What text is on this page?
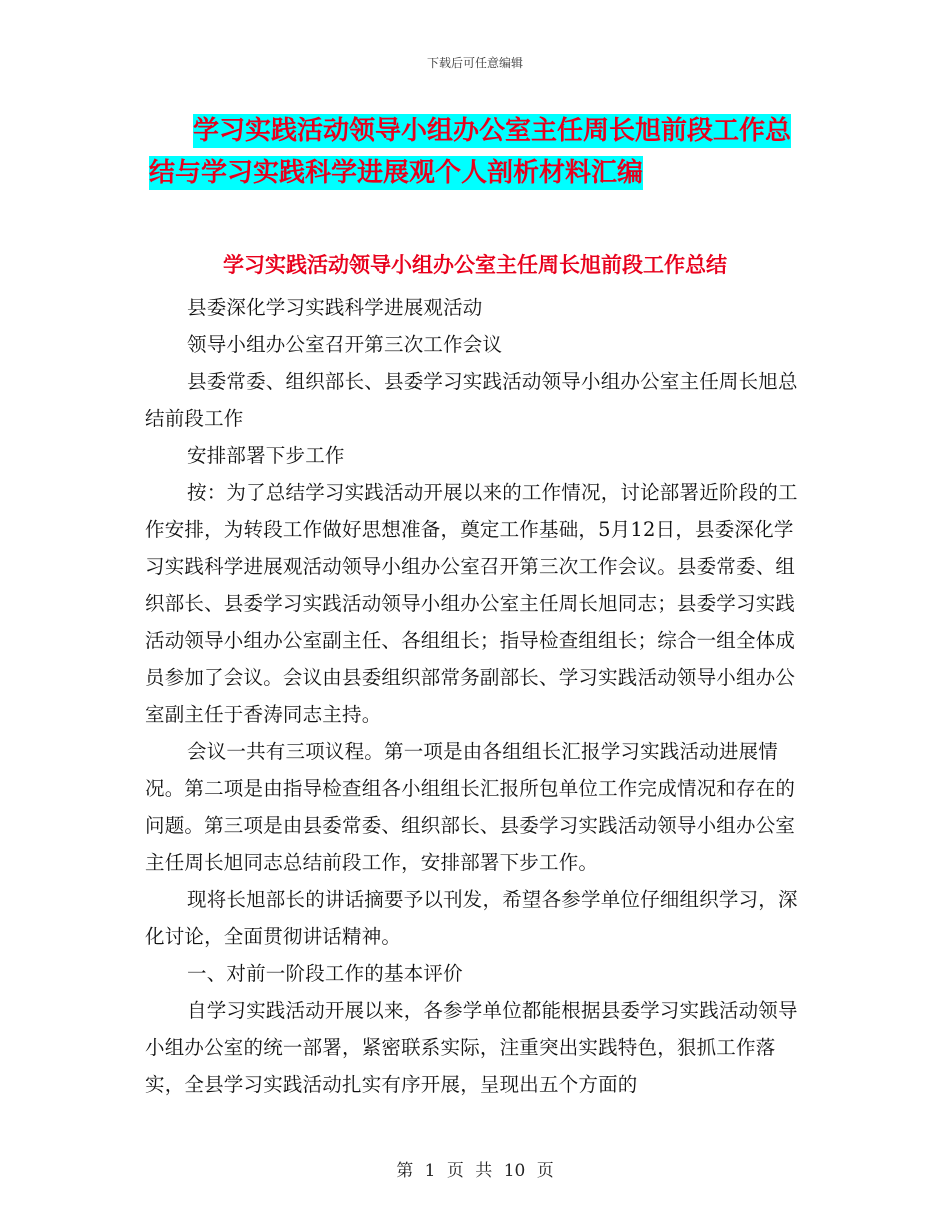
下载后可任意编辑
学习实践活动领导小组办公室主任周长旭前段工作总
结与学习实践科学进展观个人剖析材料汇编
学习实践活动领导小组办公室主任周长旭前段工作总结

县委深化学习实践科学进展观活动

领导小组办公室召开第三次工作会议

县委常委、组织部长、县委学习实践活动领导小组办公室主任周长旭总结前段工作

安排部署下步工作

按：为了总结学习实践活动开展以来的工作情况，讨论部署近阶段的工作安排，为转段工作做好思想准备，奠定工作基础，5月12日，县委深化学习实践科学进展观活动领导小组办公室召开第三次工作会议。县委常委、组织部长、县委学习实践活动领导小组办公室主任周长旭同志；县委学习实践活动领导小组办公室副主任、各组组长；指导检查组组长；综合一组全体成员参加了会议。会议由县委组织部常务副部长、学习实践活动领导小组办公室副主任于香涛同志主持。

会议一共有三项议程。第一项是由各组组长汇报学习实践活动进展情况。第二项是由指导检查组各小组组长汇报所包单位工作完成情况和存在的问题。第三项是由县委常委、组织部长、县委学习实践活动领导小组办公室主任周长旭同志总结前段工作，安排部署下步工作。

现将长旭部长的讲话摘要予以刊发，希望各参学单位仔细组织学习，深化讨论，全面贯彻讲话精神。

一、对前一阶段工作的基本评价

自学习实践活动开展以来，各参学单位都能根据县委学习实践活动领导小组办公室的统一部署，紧密联系实际，注重突出实践特色，狠抓工作落实，全县学习实践活动扎实有序开展，呈现出五个方面的

第 1 页 共 10 页
